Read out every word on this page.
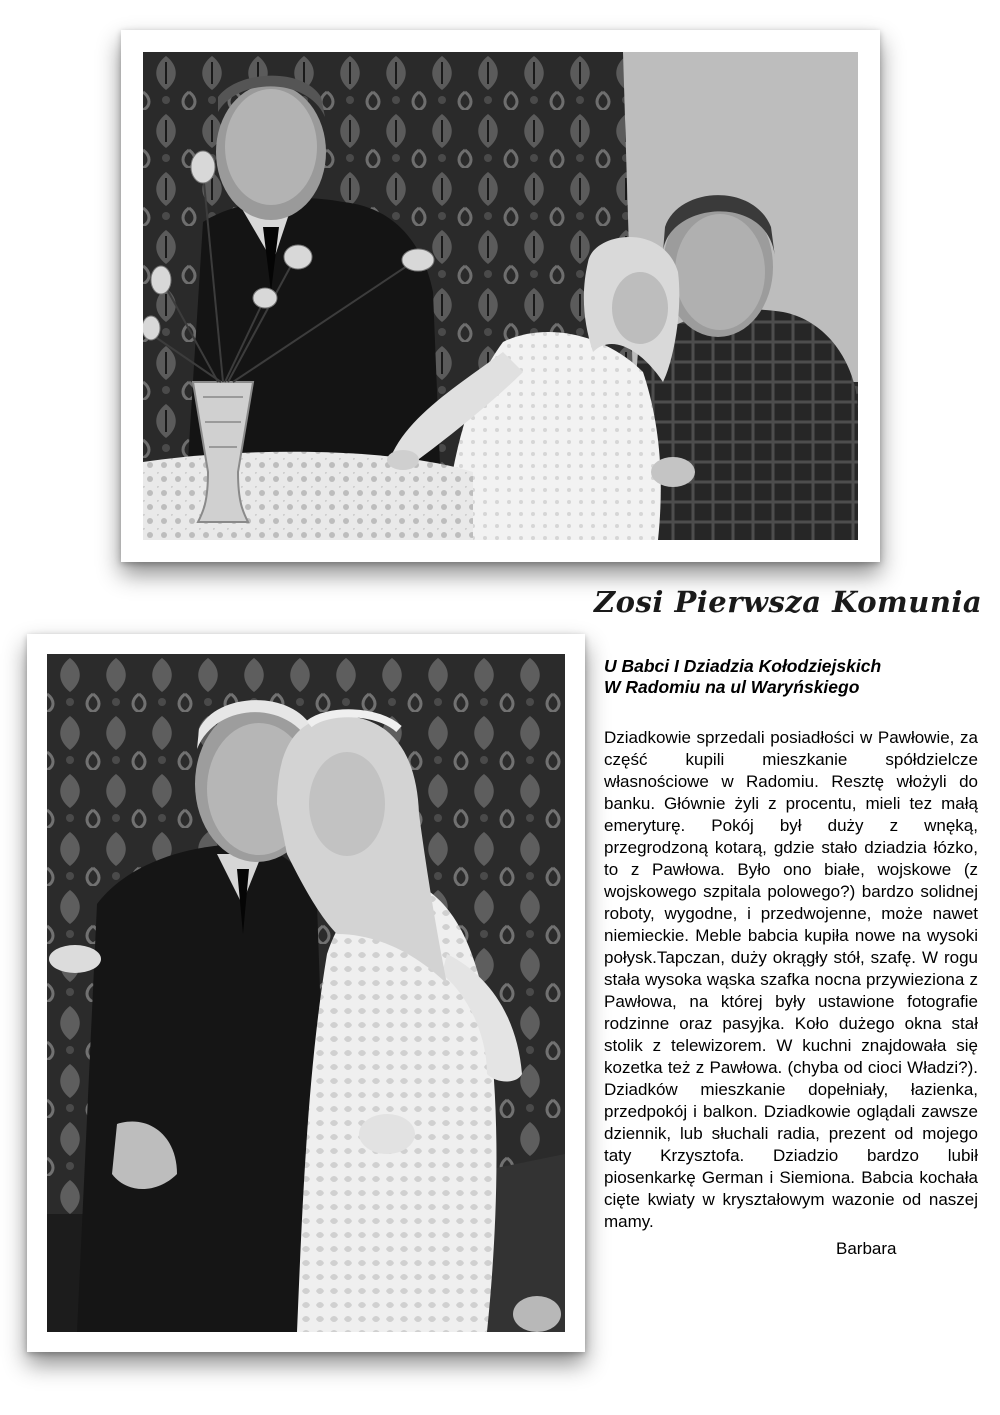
Zosi Pierwsza Komunia
U Babci I Dziadzia Kołodziejskich
W Radomiu na ul Waryńskiego

Dziadkowie sprzedali posiadłości w Pawłowie, za część kupili mieszkanie spółdzielcze własnościowe w Radomiu. Resztę włożyli do banku. Głównie żyli z procentu, mieli tez małą emeryturę. Pokój był duży z wnęką, przegrodzoną kotarą, gdzie stało dziadzia łózko, to z Pawłowa. Było ono białe, wojskowe (z wojskowego szpitala polowego?) bardzo solidnej roboty, wygodne, i przedwojenne, może nawet niemieckie. Meble babcia kupiła nowe na wysoki połysk.Tapczan, duży okrągły stół, szafę. W rogu stała wysoka wąska szafka nocna przywieziona z Pawłowa, na której były ustawione fotografie rodzinne oraz pasyjka. Koło dużego okna stał stolik z telewizorem. W kuchni znajdowała się kozetka też z Pawłowa. (chyba od cioci Władzi?). Dziadków mieszkanie dopełniały, łazienka, przedpokój i balkon. Dziadkowie oglądali zawsze dziennik, lub słuchali radia, prezent od mojego taty Krzysztofa. Dziadzio bardzo lubił piosenkarkę German i Siemiona. Babcia kochała cięte kwiaty w kryształowym wazonie od naszej mamy.

Barbara
